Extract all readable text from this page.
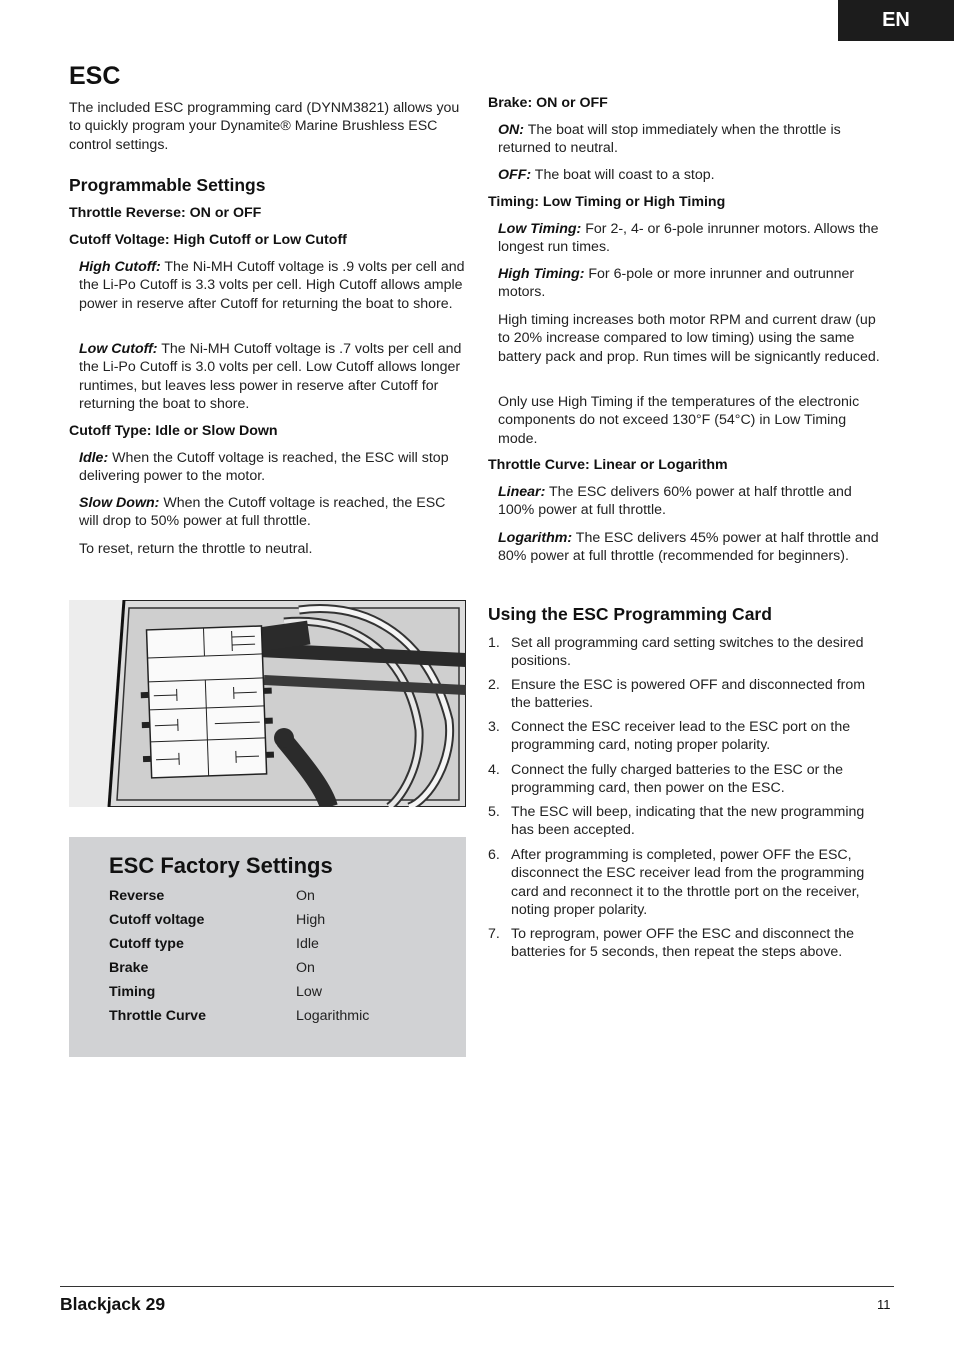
EN
ESC

The included ESC programming card (DYNM3821) allows you to quickly program your Dynamite® Marine Brushless ESC control settings.

Programmable Settings

Throttle Reverse: ON or OFF

Cutoff Voltage: High Cutoff or Low Cutoff

High Cutoff: The Ni-MH Cutoff voltage is .9 volts per cell and the Li-Po Cutoff is 3.3 volts per cell. High Cutoff allows ample power in reserve after Cutoff for returning the boat to shore.

Low Cutoff: The Ni-MH Cutoff voltage is .7 volts per cell and the Li-Po Cutoff is 3.0 volts per cell. Low Cutoff allows longer runtimes, but leaves less power in reserve after Cutoff for returning the boat to shore.

Cutoff Type: Idle or Slow Down

Idle: When the Cutoff voltage is reached, the ESC will stop delivering power to the motor.

Slow Down: When the Cutoff voltage is reached, the ESC will drop to 50% power at full throttle.

To reset, return the throttle to neutral.

ESC Factory Settings
Reverse	On
Cutoff voltage	High
Cutoff type	Idle
Brake	On
Timing	Low
Throttle Curve	Logarithmic

Brake: ON or OFF

ON: The boat will stop immediately when the throttle is returned to neutral.

OFF: The boat will coast to a stop.

Timing: Low Timing or High Timing

Low Timing: For 2-, 4- or 6-pole inrunner motors. Allows the longest run times.

High Timing: For 6-pole or more inrunner and outrunner motors.

High timing increases both motor RPM and current draw (up to 20% increase compared to low timing) using the same battery pack and prop. Run times will be signicantly reduced.

Only use High Timing if the temperatures of the electronic components do not exceed 130°F (54°C) in Low Timing mode.

Throttle Curve: Linear or Logarithm

Linear: The ESC delivers 60% power at half throttle and 100% power at full throttle.

Logarithm: The ESC delivers 45% power at half throttle and 80% power at full throttle (recommended for beginners).

Using the ESC Programming Card
1. Set all programming card setting switches to the desired positions.
2. Ensure the ESC is powered OFF and disconnected from the batteries.
3. Connect the ESC receiver lead to the ESC port on the programming card, noting proper polarity.
4. Connect the fully charged batteries to the ESC or the programming card, then power on the ESC.
5. The ESC will beep, indicating that the new programming has been accepted.
6. After programming is completed, power OFF the ESC, disconnect the ESC receiver lead from the programming card and reconnect it to the throttle port on the receiver, noting proper polarity.
7. To reprogram, power OFF the ESC and disconnect the batteries for 5 seconds, then repeat the steps above.
Blackjack 29	11
